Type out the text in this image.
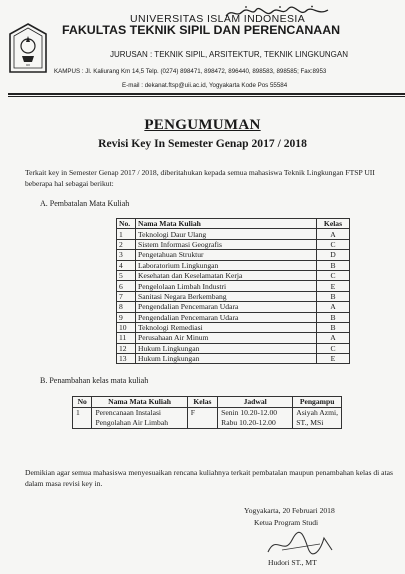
UII
UNIVERSITAS ISLAM INDONESIA
FAKULTAS TEKNIK SIPIL DAN PERENCANAAN
JURUSAN : TEKNIK SIPIL, ARSITEKTUR, TEKNIK LINGKUNGAN
KAMPUS : Jl. Kaliurang Km 14,5 Telp. (0274) 898471, 898472, 896440, 898583, 898585; Fax:8953
E-mail : dekanat.ftsp@uii.ac.id, Yogyakarta Kode Pos 55584
PENGUMUMAN
Revisi Key In Semester Genap 2017 / 2018
Terkait key in Semester Genap 2017 / 2018, diberitahukan kepada semua mahasiswa Teknik Lingkungan FTSP UII beberapa hal sebagai berikut:
A. Pembatalan Mata Kuliah
No.	Nama Mata Kuliah	Kelas
1	Teknologi Daur Ulang	A
2	Sistem Informasi Geografis	C
3	Pengetahuan Struktur	D
4	Laboratorium Lingkungan	B
5	Kesehatan dan Keselamatan Kerja	C
6	Pengelolaan Limbah Industri	E
7	Sanitasi Negara Berkembang	B
8	Pengendalian Pencemaran Udara	A
9	Pengendalian Pencemaran Udara	B
10	Teknologi Remediasi	B
11	Perusahaan Air Minum	A
12	Hukum Lingkungan	C
13	Hukum Lingkungan	E
B. Penambahan kelas mata kuliah
No	Nama Mata Kuliah	Kelas	Jadwal	Pengampu
1	Perencanaan Instalasi
Pengolahan Air Limbah	F	Senin 10.20-12.00
Rabu 10.20-12.00	Asiyah Azmi,
ST., MSi
Demikian agar semua mahasiswa menyesuaikan rencana kuliahnya terkait pembatalan maupun penambahan kelas di atas dalam masa revisi key in.
Yogyakarta, 20 Februari 2018
Ketua Program Studi
Hudori ST., MT
